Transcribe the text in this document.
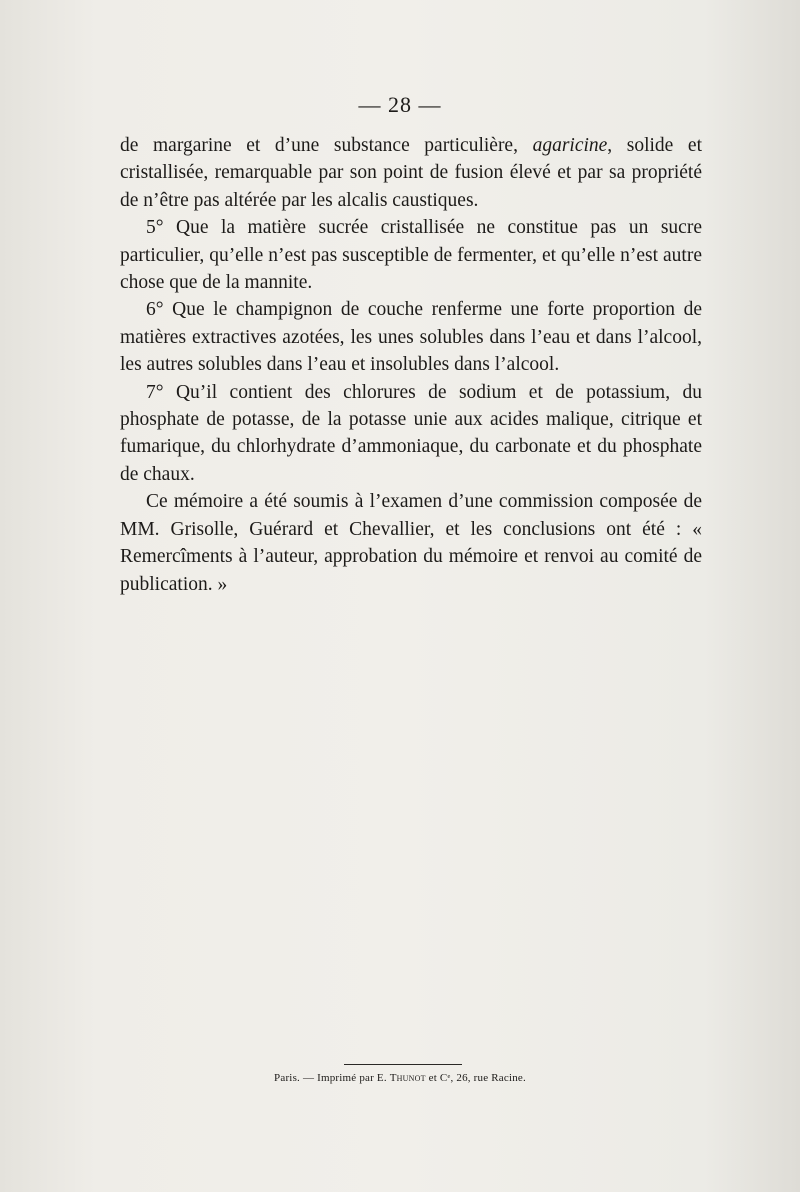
— 28 —

de margarine et d’une substance particulière, agaricine, solide et cristallisée, remarquable par son point de fusion élevé et par sa propriété de n’être pas altérée par les alcalis caustiques.

5° Que la matière sucrée cristallisée ne constitue pas un sucre particulier, qu’elle n’est pas susceptible de fermenter, et qu’elle n’est autre chose que de la mannite.

6° Que le champignon de couche renferme une forte proportion de matières extractives azotées, les unes solubles dans l’eau et dans l’alcool, les autres solubles dans l’eau et insolubles dans l’alcool.

7° Qu’il contient des chlorures de sodium et de potassium, du phosphate de potasse, de la potasse unie aux acides malique, citrique et fumarique, du chlorhydrate d’ammoniaque, du carbonate et du phosphate de chaux.

Ce mémoire a été soumis à l’examen d’une commission composée de MM. Grisolle, Guérard et Chevallier, et les conclusions ont été : « Remercîments à l’auteur, approbation du mémoire et renvoi au comité de publication. »

Paris. — Imprimé par E. Thunot et Cᵉ, 26, rue Racine.
